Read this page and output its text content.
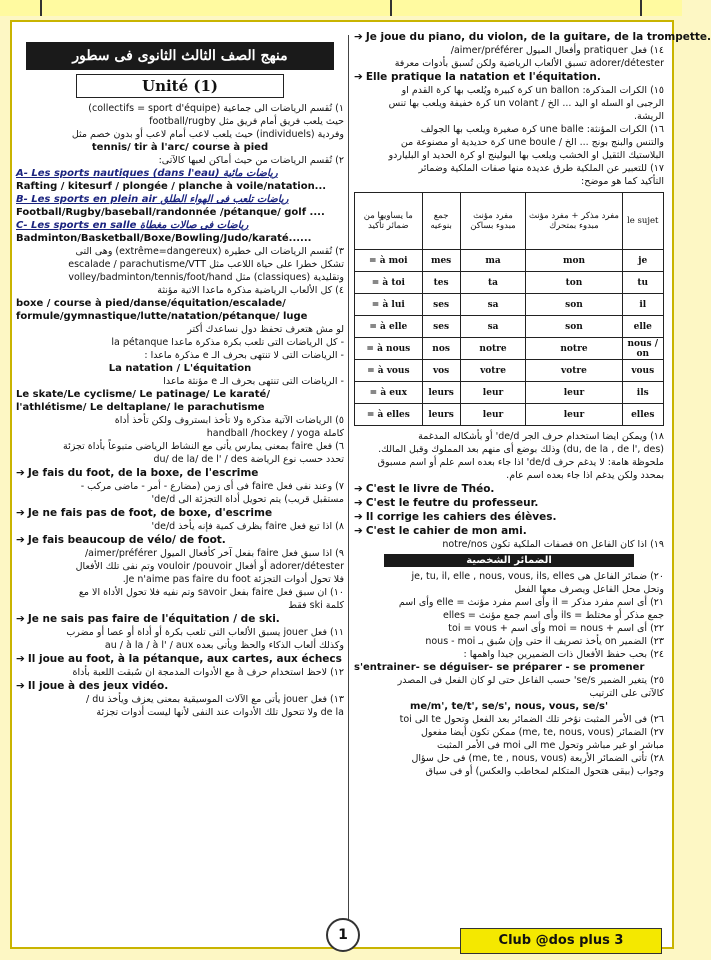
منهج الصف الثالث الثانوى فى سطور
Unité (1)
١) تُقسم الرياضات الى جماعية (collectifs = sport d'équipe)
حيث يلعب فريق أمام فريق مثل football/rugby
وفردية (individuels) حيث يلعب لاعب أمام لاعب أو بدون خصم مثل
tennis/ tir à l'arc/ course à pied
٢) تُقسم الرياضات من حيث أماكن لعبها كالآتى:
A- Les sports nautiques (dans l'eau) رياضات مائية
Rafting / kitesurf / plongée / planche à voile/natation...
B- Les sports en plein air رياضات تلعب فى الهواء الطلق
Football/Rugby/baseball/randonnée /pétanque/ golf ....
C- Les sports en salle رياضات فى صالات مغطاة
Badminton/Basketball/Boxe/Bowling/Judo/karaté......
٣) تُقسم الرياضات الى خطيرة (extrême=dangereux) وهى التى
تشكل خطرا على حياة اللاعب مثل escalade / parachutisme/VTT
وتقليدية (classiques) مثل volley/badminton/tennis/foot/hand
٤) كل الألعاب الرياضية مذكرة ماعدا الاتية مؤنثة
boxe / course à pied/danse/équitation/escalade/
formule/gymnastique/lutte/natation/pétanque/ luge
لو مش هتعرف تحفظ دول نساعدك أكتر
- كل الرياضات التى تلعب بكرة مذكرة ماعدا la pétanque
- الرياضات التى لا تنتهى بحرف الـ e مذكرة ماعدا :
La natation / L'équitation
- الرياضات التى تنتهى بحرف الـ e مؤنثة ماعدا
Le skate/Le cyclisme/ Le patinage/ Le karaté/
l'athlétisme/ Le deltaplane/ le parachutisme
٥) الرياضات الآتية مذكرة ولا تأخذ ابستروف ولكن تأخذ أداة
كاملة handball /hockey / yoga
٦) فعل faire بمعنى يمارس يأتى مع النشاط الرياضى متبوعاً بأداة تجزئة
تحدد حسب نوع الرياضة du/ de la/ de l' / des
➔ Je fais du foot, de la boxe, de l'escrime
٧) وعند نفى فعل faire فى أى زمن (مضارع - أمر - ماضى مركب -
مستقبل قريب) يتم تحويل أداة التجزئة الى de/d'
➔ Je ne fais pas de foot, de boxe, d'escrime
٨) اذا تبع فعل faire بظرف كمية فإنه يأخذ de/d'
➔ Je fais beaucoup de vélo/ de foot.
٩) اذا سبق فعل faire بفعل آخر كأفعال الميول aimer/préférer/
adorer/détester أو أفعال vouloir /pouvoir وتم نفى تلك الأفعال
فلا تحول أدوات التجزئة Je n'aime pas faire du foot.
١٠) ان سبق فعل faire بفعل savoir وتم نفيه فلا تحول الأداة الا مع
كلمة ski فقط
➔ Je ne sais pas faire de l'équitation / de ski.
١١) فعل jouer يسبق الألعاب التى تلعب بكرة أو أداة أو عصا أو مضرب
وكذلك ألعاب الذكاء والحظ ويأتى بعده au / à la / à l' / aux
➔ Il joue au foot, à la pétanque, aux cartes, aux échecs
١٢) لاحظ استخدام حرف à مع الأدوات المدمجة ان سُبقت اللعبة بأداة
➔ Il joue à des jeux vidéo.
١٣) فعل jouer يأتى مع الآلات الموسيقية بمعنى يعزف ويأخذ du /
de la ولا تتحول تلك الأدوات عند النفى لأنها ليست أدوات تجزئة
➔ Je joue du piano, du violon, de la guitare, de la trompette.
١٤) فعل pratiquer وأفعال الميول aimer/préférer/
adorer/détester تسبق الألعاب الرياضية ولكن تُسبق بأدوات معرفة
➔ Elle pratique la natation et l'équitation.
١٥) الكرات المذكرة: un ballon كرة كبيرة ويُلعب بها كرة القدم او
الرجبى او السله او اليد ... الخ / un volant كرة خفيفة ويلعب بها تنس
الريشة.
١٦) الكرات المؤنثة: une balle كرة صغيرة ويلعب بها الجولف
والتنس والبنج بونج ... الخ / une boule كرة حديدية او مصنوعة من
البلاستيك الثقيل او الخشب ويلعب بها البولينج او كرة الحديد او البلياردو
١٧) للتعبير عن الملكية طرق عديدة منها صفات الملكية وضمائر
التأكيد كما هو موضح:
ما يساويها من ضمائر تأكيد	جمع بنوعيه	مفرد مؤنث مبدوء بساكن	مفرد مذكر + مفرد مؤنث مبدوء بمتحرك	le sujet
= à moi	mes	ma	mon	je
= à toi	tes	ta	ton	tu
= à lui	ses	sa	son	il
= à elle	ses	sa	son	elle
= à nous	nos	notre	notre	nous / on
= à vous	vos	votre	votre	vous
= à eux	leurs	leur	leur	ils
= à elles	leurs	leur	leur	elles
١٨) ويمكن ايضا استخدام حرف الجر de/d' أو بأشكاله المدغمة
(du, de la , de l', des) وذلك بوضع أى منهم بعد المملوك وقبل المالك.
ملحوظة هامة: لا يدغم حرف de/d' اذا جاء بعده اسم علم أو اسم مسبوق
بمحدد ولكن يدغم اذا جاء بعده اسم عام.
➔ C'est le livre de Théo.
➔ C'est le feutre du professeur.
➔ Il corrige les cahiers des élèves.
➔ C'est le cahier de mon ami.
١٩) اذا كان الفاعل on فصفات الملكية تكون notre/nos
الضمائر الشخصية
٢٠) ضمائر الفاعل هى je, tu, il, elle , nous, vous, ils, elles
وتحل محل الفاعل ويصرف معها الفعل
٢١) أى اسم مفرد مذكر = il وأى اسم مفرد مؤنث = elle وأى اسم
جمع مذكر أو مختلط = ils وأى اسم جمع مؤنث = elles
٢٢) أى اسم + moi = nous وأى اسم + toi = vous
٢٣) الضمير on يأخذ تصريف il حتى وإن سُبق بـ nous - moi
٢٤) بحب حفظ الأفعال ذات الضميرين جيدا واهمها :
s'entrainer- se déguiser- se préparer - se promener
٢٥) يتغير الضمير se/s' حسب الفاعل حتى لو كان الفعل فى المصدر
كالآتى على الترتيب
me/m', te/t', se/s', nous, vous, se/s'
٢٦) فى الأمر المثبت نؤخر تلك الضمائر بعد الفعل وتحول te الى toi
٢٧) الضمائر (me, te, nous, vous) ممكن تكون أيضا مفعول
مباشر او غير مباشر وتحول me الى moi فى الأمر المثبت
٢٨) تأتى الضمائر الأربعة (me, te , nous, vous) فى حل سؤال
وجواب (بيقى هتحول المتكلم لمخاطب والعكس) أو فى سياق
1	Club @dos plus 3
